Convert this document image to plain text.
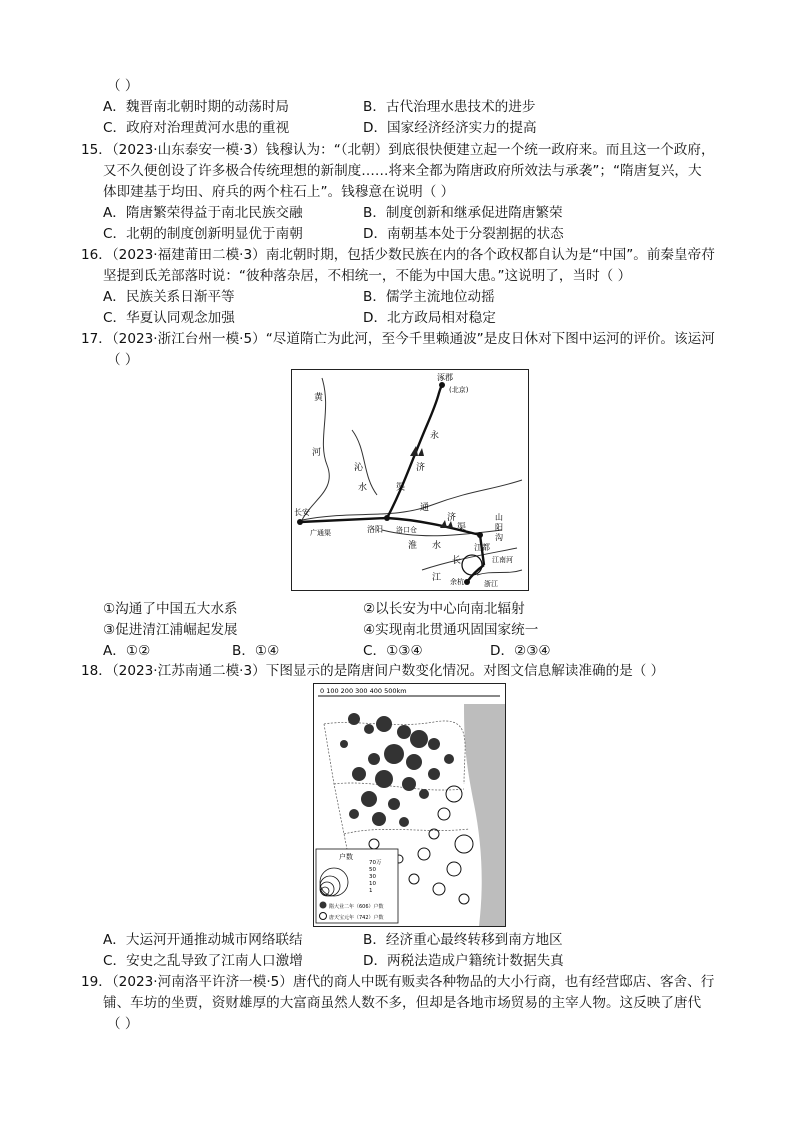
（ ）
A．魏晋南北朝时期的动荡时局	B．古代治理水患技术的进步
C．政府对治理黄河水患的重视	D．国家经济经济实力的提高
15．（2023·山东泰安一模·3）钱穆认为：“（北朝）到底很快便建立起一个统一政府来。而且这一个政府，
又不久便创设了许多极合传统理想的新制度……将来全都为隋唐政府所效法与承袭”；“隋唐复兴，大
体即建基于均田、府兵的两个柱石上”。钱穆意在说明（ ）
A．隋唐繁荣得益于南北民族交融	B．制度创新和继承促进隋唐繁荣
C．北朝的制度创新明显优于南朝	D．南朝基本处于分裂割据的状态
16．（2023·福建莆田二模·3）南北朝时期，包括少数民族在内的各个政权都自认为是“中国”。前秦皇帝苻
坚提到氐羌部落时说：“彼种落杂居，不相统一，不能为中国大患。”这说明了，当时（ ）
A．民族关系日渐平等	B．儒学主流地位动摇
C．华夏认同观念加强	D．北方政局相对稳定
17．（2023·浙江台州一模·5）“尽道隋亡为此河，至今千里赖通波”是皮日休对下图中运河的评价。该运河
（ ）
涿郡
(北京)
黄
河
沁
水
永
济
渠
长安
广通渠	洛阳 洛口仓
通
济
渠
淮 水	江都
山
阳
沟
长
江 余杭
江南河
浙江
①沟通了中国五大水系	②以长安为中心向南北辐射
③促进清江浦崛起发展	④实现南北贯通巩固国家统一
A．①②	B．①④	C．①③④	D．②③④
18．（2023·江苏南通二模·3）下图显示的是隋唐间户数变化情况。对图文信息解读准确的是（ ）
0 100 200 300 400 500km
户数
70万
50
30
10
1
隋大业二年（606）户数
唐天宝元年（742）户数
A．大运河开通推动城市网络联结	B．经济重心最终转移到南方地区
C．安史之乱导致了江南人口激增	D．两税法造成户籍统计数据失真
19．（2023·河南洛平许济一模·5）唐代的商人中既有贩卖各种物品的大小行商，也有经营邸店、客舍、行
铺、车坊的坐贾，资财雄厚的大富商虽然人数不多，但却是各地市场贸易的主宰人物。这反映了唐代
（ ）
